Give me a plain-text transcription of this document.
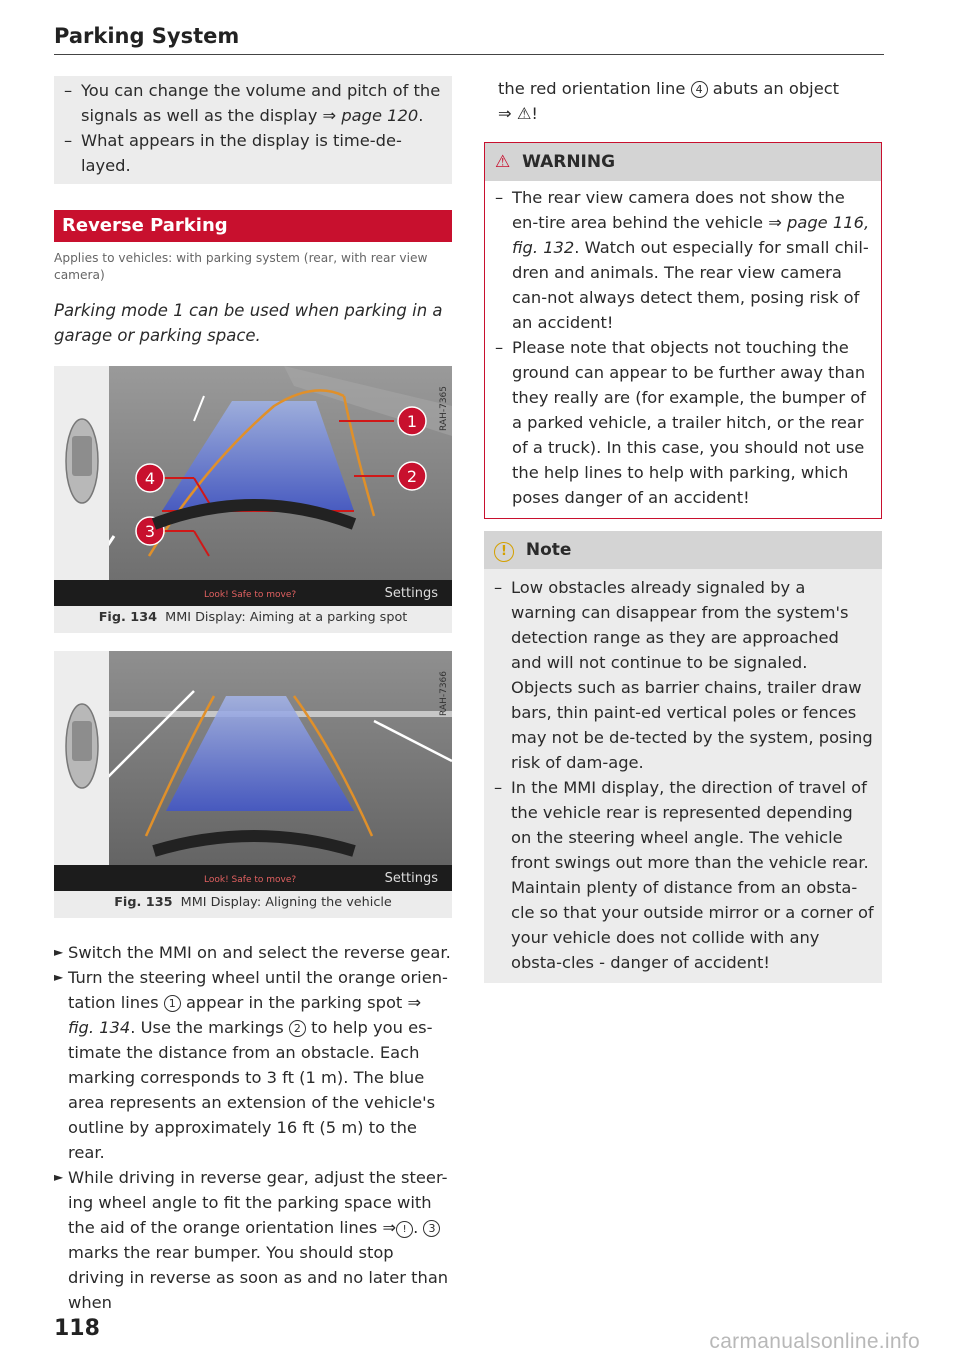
Parking System
– You can change the volume and pitch of the signals as well as the display ⇒ page 120.
– What appears in the display is time-de-layed.
Reverse Parking
Applies to vehicles: with parking system (rear, with rear view camera)
Parking mode 1 can be used when parking in a garage or parking space.
1
2
3
4
Look! Safe to move?	Settings
RAH-7365
Fig. 134 MMI Display: Aiming at a parking spot
Look! Safe to move?	Settings
RAH-7366
Fig. 135 MMI Display: Aligning the vehicle
► Switch the MMI on and select the reverse gear.
► Turn the steering wheel until the orange orien-tation lines 1 appear in the parking spot ⇒ fig. 134. Use the markings 2 to help you es-timate the distance from an obstacle. Each marking corresponds to 3 ft (1 m). The blue area represents an extension of the vehicle's outline by approximately 16 ft (5 m) to the rear.
► While driving in reverse gear, adjust the steer-ing wheel angle to fit the parking space with the aid of the orange orientation lines ⇒ ! . 3 marks the rear bumper. You should stop driving in reverse as soon as and no later than when
the red orientation line 4 abuts an object
⇒ ⚠!
⚠ WARNING
– The rear view camera does not show the en-tire area behind the vehicle ⇒ page 116, fig. 132. Watch out especially for small chil-dren and animals. The rear view camera can-not always detect them, posing risk of an accident!
– Please note that objects not touching the ground can appear to be further away than they really are (for example, the bumper of a parked vehicle, a trailer hitch, or the rear of a truck). In this case, you should not use the help lines to help with parking, which poses danger of an accident!
! Note
– Low obstacles already signaled by a warning can disappear from the system's detection range as they are approached and will not continue to be signaled. Objects such as barrier chains, trailer draw bars, thin paint-ed vertical poles or fences may not be de-tected by the system, posing risk of dam-age.
– In the MMI display, the direction of travel of the vehicle rear is represented depending on the steering wheel angle. The vehicle front swings out more than the vehicle rear. Maintain plenty of distance from an obsta-cle so that your outside mirror or a corner of your vehicle does not collide with any obsta-cles - danger of accident!
118
carmanualsonline.info
